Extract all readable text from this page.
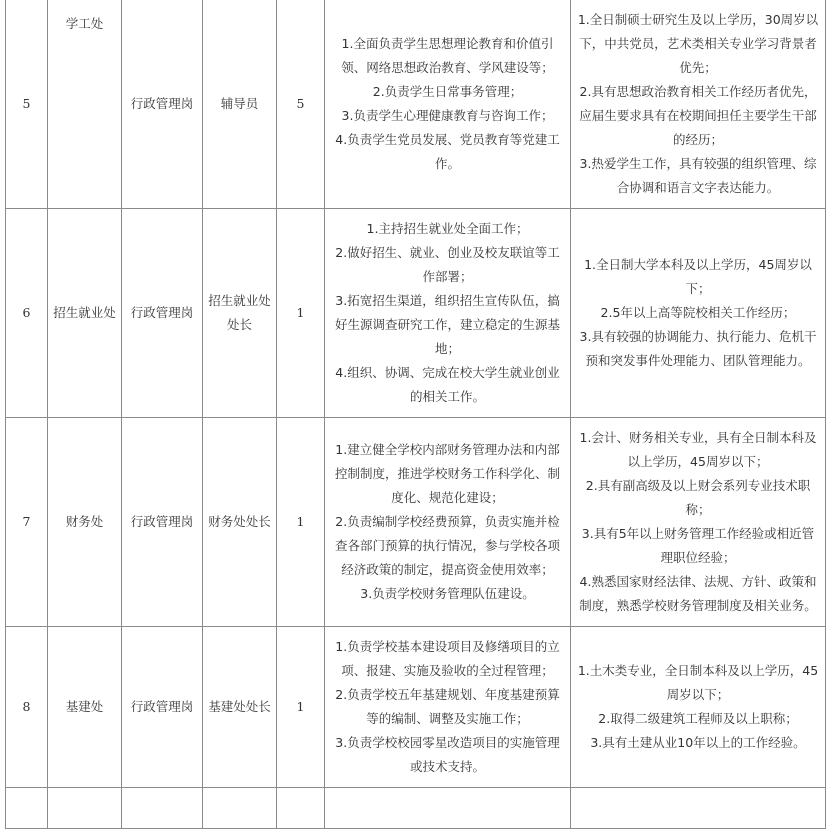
5	学工处	行政管理岗	辅导员	5	1.全面负责学生思想理论教育和价值引领、网络思想政治教育、学风建设等；
2.负责学生日常事务管理；
3.负责学生心理健康教育与咨询工作；
4.负责学生党员发展、党员教育等党建工作。	1.全日制硕士研究生及以上学历，30周岁以下，中共党员，艺术类相关专业学习背景者优先；
2.具有思想政治教育相关工作经历者优先，应届生要求具有在校期间担任主要学生干部的经历；
3.热爱学生工作，具有较强的组织管理、综合协调和语言文字表达能力。

6	招生就业处	行政管理岗	招生就业处处长	1	1.主持招生就业处全面工作；
2.做好招生、就业、创业及校友联谊等工作部署；
3.拓宽招生渠道，组织招生宣传队伍，搞好生源调查研究工作，建立稳定的生源基地；
4.组织、协调、完成在校大学生就业创业的相关工作。	1.全日制大学本科及以上学历，45周岁以下；
2.5年以上高等院校相关工作经历；
3.具有较强的协调能力、执行能力、危机干预和突发事件处理能力、团队管理能力。

7	财务处	行政管理岗	财务处处长	1	1.建立健全学校内部财务管理办法和内部控制制度，推进学校财务工作科学化、制度化、规范化建设；
2.负责编制学校经费预算，负责实施并检查各部门预算的执行情况，参与学校各项经济政策的制定，提高资金使用效率；
3.负责学校财务管理队伍建设。	1.会计、财务相关专业，具有全日制本科及以上学历，45周岁以下；
2.具有副高级及以上财会系列专业技术职称；
3.具有5年以上财务管理工作经验或相近管理职位经验；
4.熟悉国家财经法律、法规、方针、政策和制度，熟悉学校财务管理制度及相关业务。

8	基建处	行政管理岗	基建处处长	1	1.负责学校基本建设项目及修缮项目的立项、报建、实施及验收的全过程管理；
2.负责学校五年基建规划、年度基建预算等的编制、调整及实施工作；
3.负责学校校园零星改造项目的实施管理或技术支持。	1.土木类专业，全日制本科及以上学历，45周岁以下；
2.取得二级建筑工程师及以上职称；
3.具有土建从业10年以上的工作经验。
